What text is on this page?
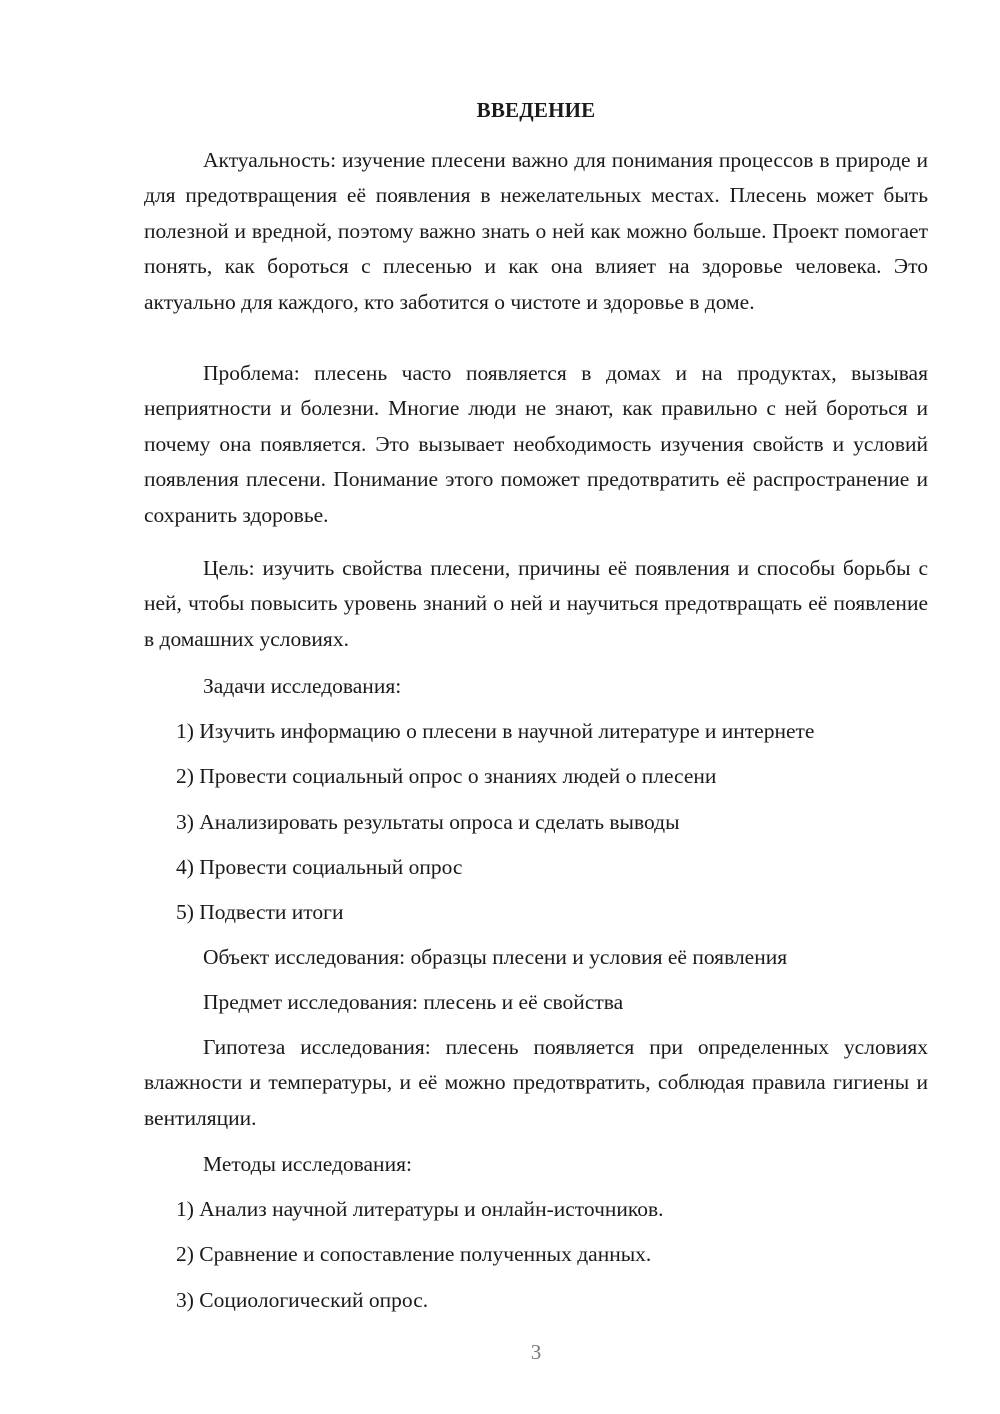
ВВЕДЕНИЕ

Актуальность: изучение плесени важно для понимания процессов в природе и для предотвращения её появления в нежелательных местах. Плесень может быть полезной и вредной, поэтому важно знать о ней как можно больше. Проект помогает понять, как бороться с плесенью и как она влияет на здоровье человека. Это актуально для каждого, кто заботится о чистоте и здоровье в доме.

Проблема: плесень часто появляется в домах и на продуктах, вызывая неприятности и болезни. Многие люди не знают, как правильно с ней бороться и почему она появляется. Это вызывает необходимость изучения свойств и условий появления плесени. Понимание этого поможет предотвратить её распространение и сохранить здоровье.

Цель: изучить свойства плесени, причины её появления и способы борьбы с ней, чтобы повысить уровень знаний о ней и научиться предотвращать её появление в домашних условиях.

Задачи исследования:

1) Изучить информацию о плесени в научной литературе и интернете

2) Провести социальный опрос о знаниях людей о плесени

3) Анализировать результаты опроса и сделать выводы

4) Провести социальный опрос

5) Подвести итоги

Объект исследования: образцы плесени и условия её появления

Предмет исследования: плесень и её свойства

Гипотеза исследования: плесень появляется при определенных условиях влажности и температуры, и её можно предотвратить, соблюдая правила гигиены и вентиляции.

Методы исследования:

1) Анализ научной литературы и онлайн-источников.

2) Сравнение и сопоставление полученных данных.

3) Социологический опрос.

3
